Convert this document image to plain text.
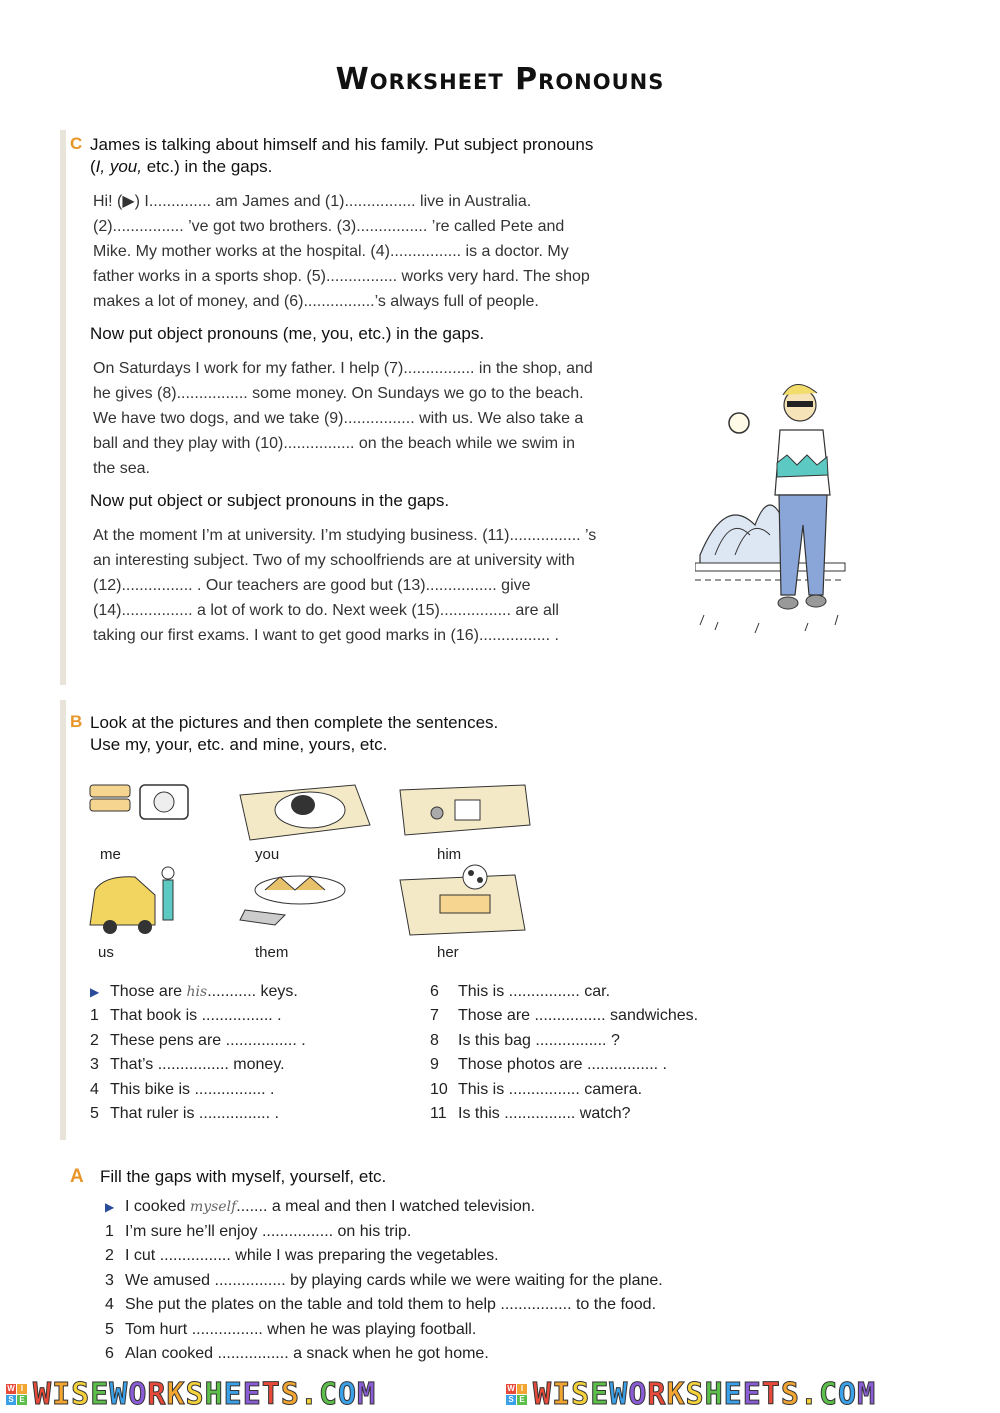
Worksheet Pronouns
C James is talking about himself and his family. Put subject pronouns
(I, you, etc.) in the gaps.
Hi! (▶) I.............. am James and (1)................ live in Australia.
(2)................ ’ve got two brothers. (3)................ ’re called Pete and
Mike. My mother works at the hospital. (4)................ is a doctor. My
father works in a sports shop. (5)................ works very hard. The shop
makes a lot of money, and (6)................’s always full of people.
Now put object pronouns (me, you, etc.) in the gaps.
On Saturdays I work for my father. I help (7)................ in the shop, and
he gives (8)................ some money. On Sundays we go to the beach.
We have two dogs, and we take (9)................ with us. We also take a
ball and they play with (10)................ on the beach while we swim in
the sea.
Now put object or subject pronouns in the gaps.
At the moment I’m at university. I’m studying business. (11)................ ’s
an interesting subject. Two of my schoolfriends are at university with
(12)................ . Our teachers are good but (13)................ give
(14)................ a lot of work to do. Next week (15)................ are all
taking our first exams. I want to get good marks in (16)................ .
B Look at the pictures and then complete the sentences.
Use my, your, etc. and mine, yours, etc.
me	you	him
us	them	her
▶ Those are his........... keys.
1 That book is ................ .
2 These pens are ................ .
3 That’s ................ money.
4 This bike is ................ .
5 That ruler is ................ .
6 This is ................ car.
7 Those are ................ sandwiches.
8 Is this bag ................ ?
9 Those photos are ................ .
10 This is ................ camera.
11 Is this ................ watch?
A Fill the gaps with myself, yourself, etc.
▶ I cooked myself....... a meal and then I watched television.
1 I’m sure he’ll enjoy ................ on his trip.
2 I cut ................ while I was preparing the vegetables.
3 We amused ................ by playing cards while we were waiting for the plane.
4 She put the plates on the table and told them to help ................ to the food.
5 Tom hurt ................ when he was playing football.
6 Alan cooked ................ a snack when he got home.
W I
S E WISEWORKSHEETS.COM	W I
S E WISEWORKSHEETS.COM
